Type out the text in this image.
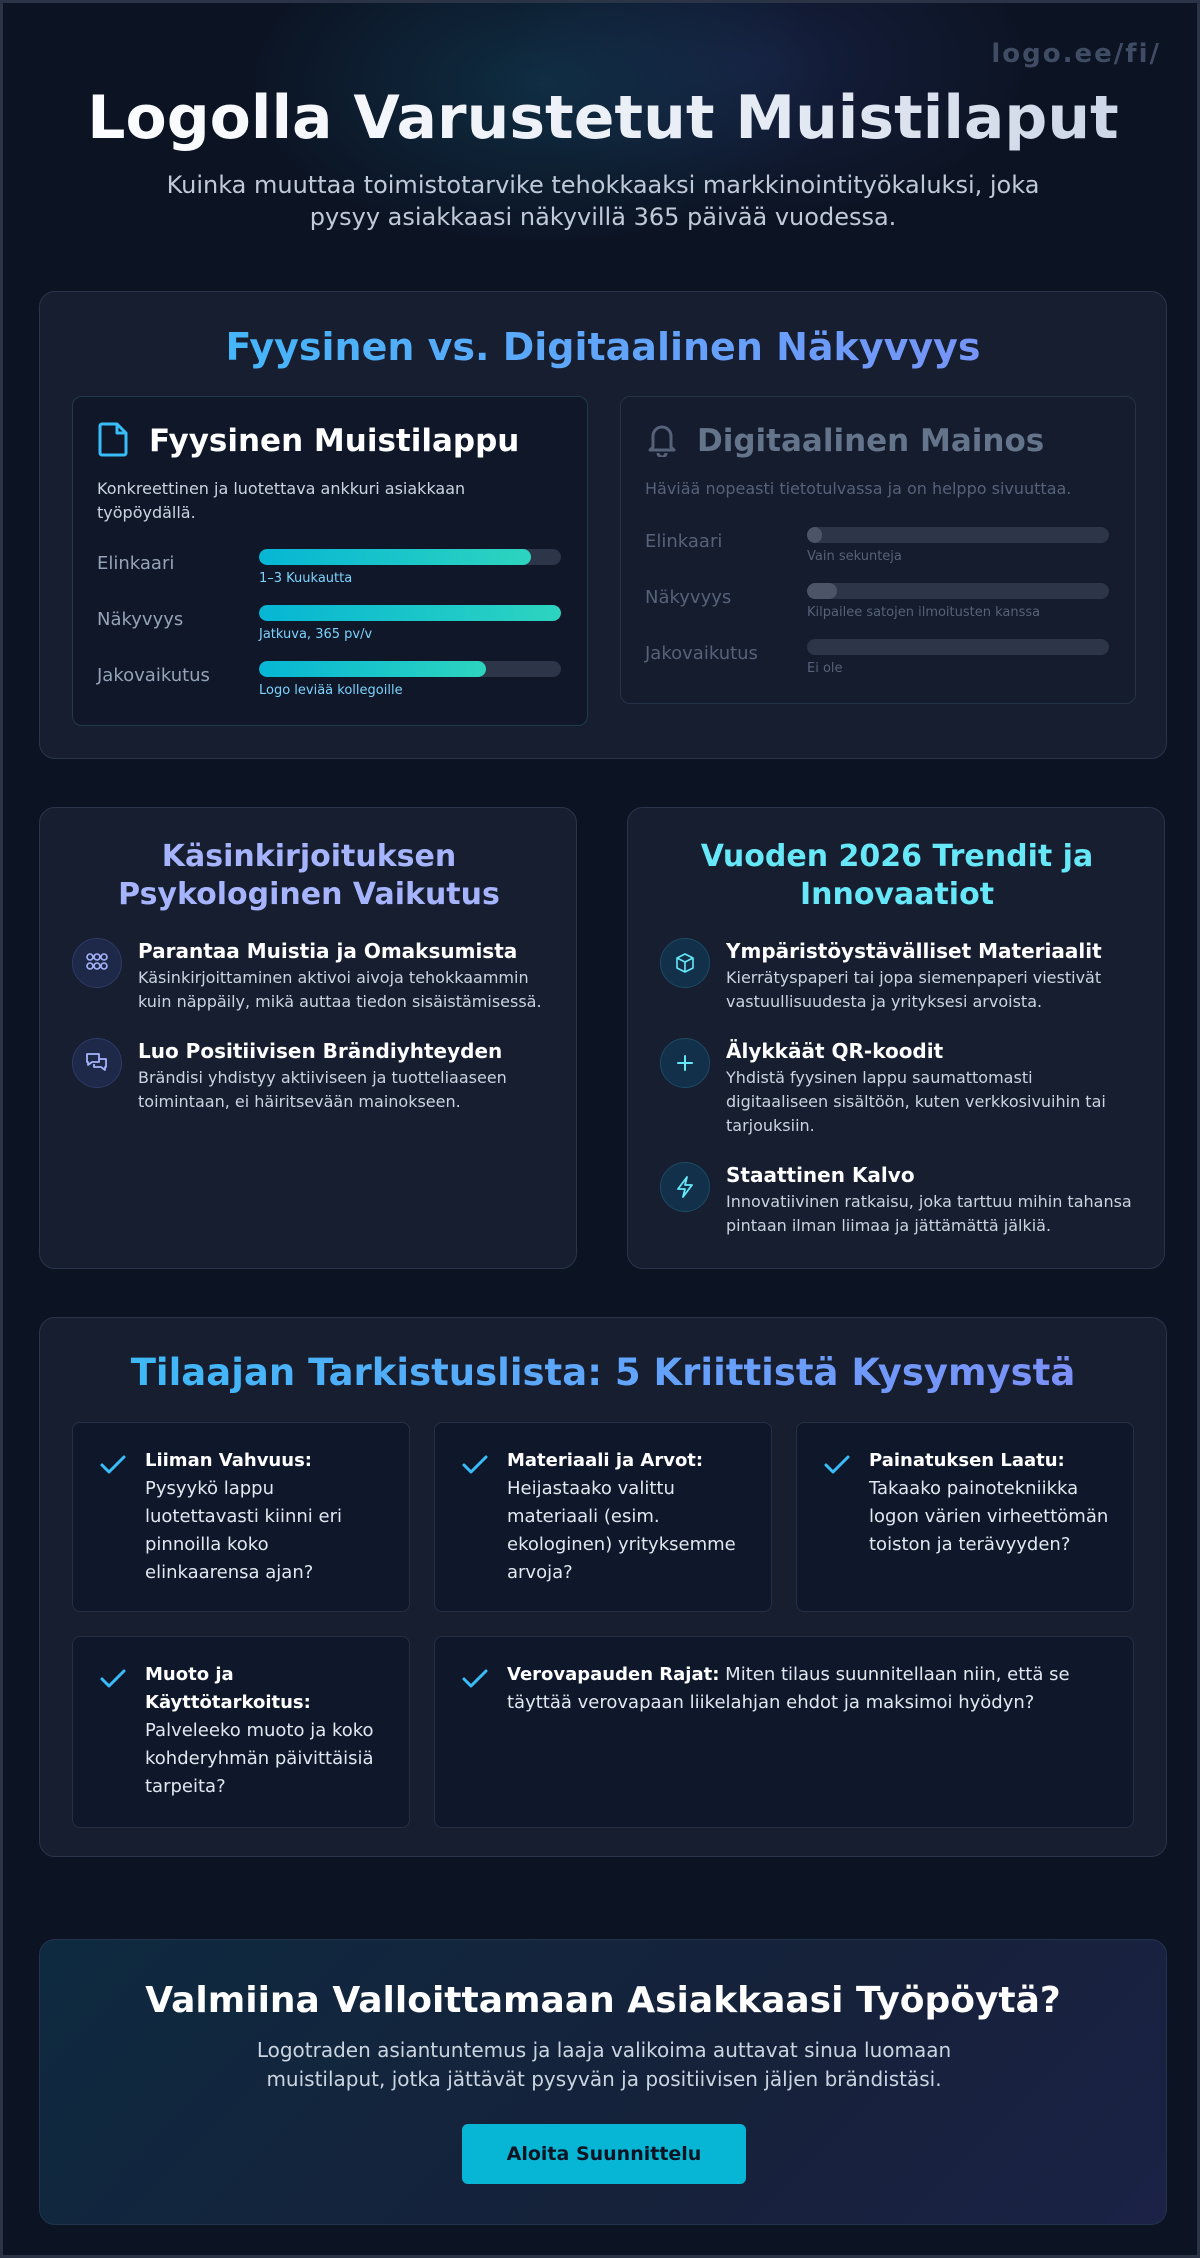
logo.ee/fi/
Logolla Varustetut Muistilaput

Kuinka muuttaa toimistotarvike tehokkaaksi markkinointityökaluksi, joka pysyy asiakkaasi näkyvillä 365 päivää vuodessa.

Fyysinen vs. Digitaalinen Näkyvyys
Fyysinen Muistilappu
Konkreettinen ja luotettava ankkuri asiakkaan työpöydällä.
Elinkaari
1–3 Kuukautta
Näkyvyys
Jatkuva, 365 pv/v
Jakovaikutus
Logo leviää kollegoille
Digitaalinen Mainos
Häviää nopeasti tietotulvassa ja on helppo sivuuttaa.
Elinkaari
Vain sekunteja
Näkyvyys
Kilpailee satojen ilmoitusten kanssa
Jakovaikutus
Ei ole
Käsinkirjoituksen Psykologinen Vaikutus
Parantaa Muistia ja Omaksumista

Käsinkirjoittaminen aktivoi aivoja tehokkaammin kuin näppäily, mikä auttaa tiedon sisäistämisessä.

Luo Positiivisen Brändiyhteyden

Brändisi yhdistyy aktiiviseen ja tuotteliaaseen toimintaan, ei häiritsevään mainokseen.

Vuoden 2026 Trendit ja Innovaatiot
Ympäristöystävälliset Materiaalit

Kierrätyspaperi tai jopa siemenpaperi viestivät vastuullisuudesta ja yrityksesi arvoista.

Älykkäät QR-koodit

Yhdistä fyysinen lappu saumattomasti digitaaliseen sisältöön, kuten verkkosivuihin tai tarjouksiin.

Staattinen Kalvo

Innovatiivinen ratkaisu, joka tarttuu mihin tahansa pintaan ilman liimaa ja jättämättä jälkiä.

Tilaajan Tarkistuslista: 5 Kriittistä Kysymystä
Liiman Vahvuus:
Pysyykö lappu luotettavasti kiinni eri pinnoilla koko elinkaarensa ajan?
Materiaali ja Arvot:
Heijastaako valittu materiaali (esim. ekologinen) yrityksemme arvoja?
Painatuksen Laatu:
Takaako painotekniikka logon värien virheettömän toiston ja terävyyden?
Muoto ja Käyttötarkoitus:
Palveleeko muoto ja koko kohderyhmän päivittäisiä tarpeita?
Verovapauden Rajat: Miten tilaus suunnitellaan niin, että se täyttää verovapaan liikelahjan ehdot ja maksimoi hyödyn?
Valmiina Valloittamaan Asiakkaasi Työpöytä?

Logotraden asiantuntemus ja laaja valikoima auttavat sinua luomaan muistilaput, jotka jättävät pysyvän ja positiivisen jäljen brändistäsi.

Aloita Suunnittelu
